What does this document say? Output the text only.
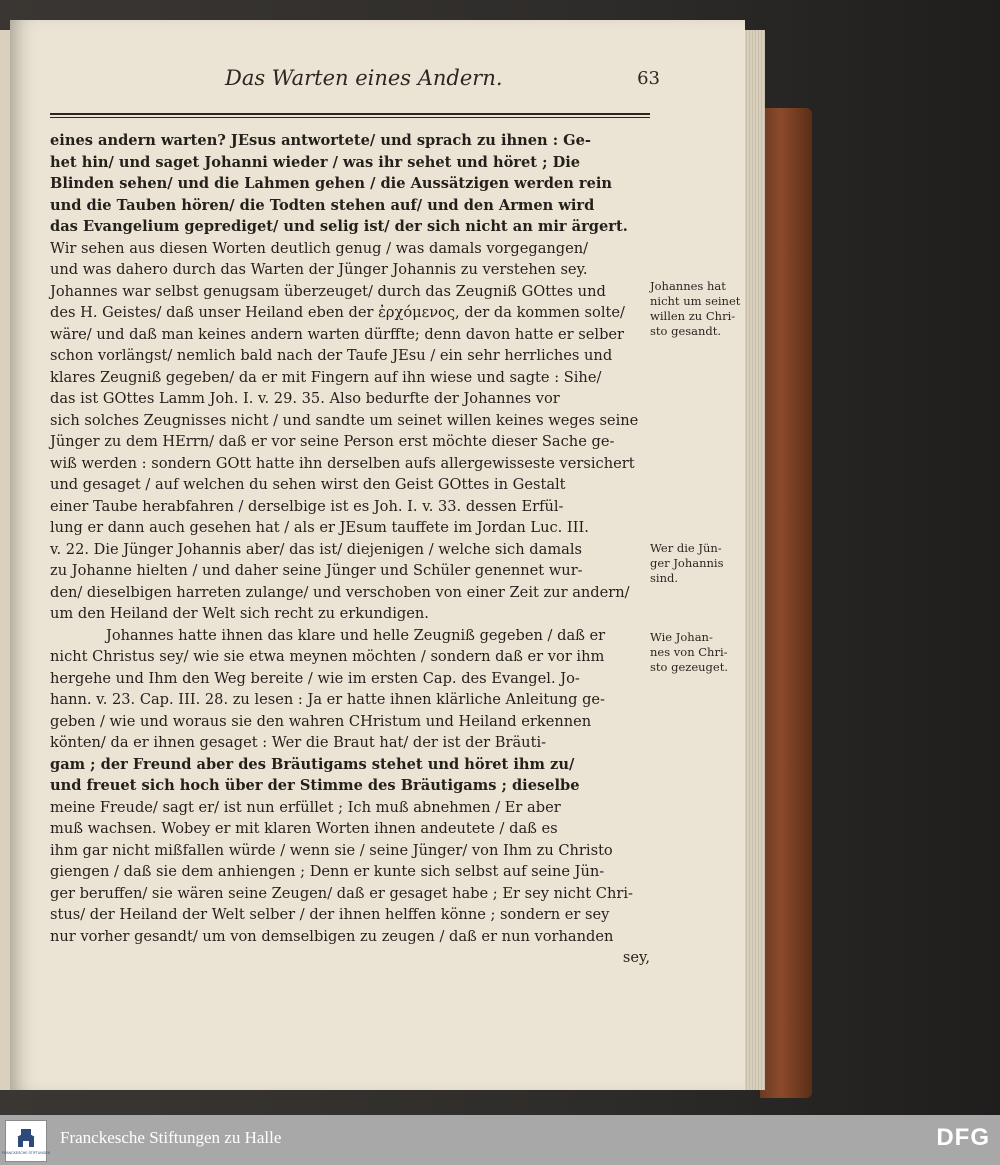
Das Warten eines Andern.	63
eines andern warten? JEsus antwortete/ und sprach zu ihnen : Ge-
het hin/ und saget Johanni wieder / was ihr sehet und höret ; Die
Blinden sehen/ und die Lahmen gehen / die Aussätzigen werden rein
und die Tauben hören/ die Todten stehen auf/ und den Armen wird
das Evangelium geprediget/ und selig ist/ der sich nicht an mir ärgert.
Wir sehen aus diesen Worten deutlich genug / was damals vorgegangen/
und was dahero durch das Warten der Jünger Johannis zu verstehen sey.
Johannes war selbst genugsam überzeuget/ durch das Zeugniß GOttes und
des H. Geistes/ daß unser Heiland eben der ἐρχόμενος, der da kommen solte/
wäre/ und daß man keines andern warten dürffte; denn davon hatte er selber
schon vorlängst/ nemlich bald nach der Taufe JEsu / ein sehr herrliches und
klares Zeugniß gegeben/ da er mit Fingern auf ihn wiese und sagte : Sihe/
das ist GOttes Lamm Joh. I. v. 29. 35. Also bedurfte der Johannes vor
sich solches Zeugnisses nicht / und sandte um seinet willen keines weges seine
Jünger zu dem HErrn/ daß er vor seine Person erst möchte dieser Sache ge-
wiß werden : sondern GOtt hatte ihn derselben aufs allergewisseste versichert
und gesaget / auf welchen du sehen wirst den Geist GOttes in Gestalt
einer Taube herabfahren / derselbige ist es Joh. I. v. 33. dessen Erfül-
lung er dann auch gesehen hat / als er JEsum tauffete im Jordan Luc. III.
v. 22. Die Jünger Johannis aber/ das ist/ diejenigen / welche sich damals
zu Johanne hielten / und daher seine Jünger und Schüler genennet wur-
den/ dieselbigen harreten zulange/ und verschoben von einer Zeit zur andern/
um den Heiland der Welt sich recht zu erkundigen.
Johannes hatte ihnen das klare und helle Zeugniß gegeben / daß er
nicht Christus sey/ wie sie etwa meynen möchten / sondern daß er vor ihm
hergehe und Ihm den Weg bereite / wie im ersten Cap. des Evangel. Jo-
hann. v. 23. Cap. III. 28. zu lesen : Ja er hatte ihnen klärliche Anleitung ge-
geben / wie und woraus sie den wahren CHristum und Heiland erkennen
könten/ da er ihnen gesaget : Wer die Braut hat/ der ist der Bräuti-
gam ; der Freund aber des Bräutigams stehet und höret ihm zu/
und freuet sich hoch über der Stimme des Bräutigams ; dieselbe
meine Freude/ sagt er/ ist nun erfüllet ; Ich muß abnehmen / Er aber
muß wachsen. Wobey er mit klaren Worten ihnen andeutete / daß es
ihm gar nicht mißfallen würde / wenn sie / seine Jünger/ von Ihm zu Christo
giengen / daß sie dem anhiengen ; Denn er kunte sich selbst auf seine Jün-
ger beruffen/ sie wären seine Zeugen/ daß er gesaget habe ; Er sey nicht Chri-
stus/ der Heiland der Welt selber / der ihnen helffen könne ; sondern er sey
nur vorher gesandt/ um von demselbigen zu zeugen / daß er nun vorhanden
sey,
Johannes hat
nicht um seinet
willen zu Chri-
sto gesandt.
Wer die Jün-
ger Johannis
sind.
Wie Johan-
nes von Chri-
sto gezeuget.
FRANCKESCHE STIFTUNGEN
Franckesche Stiftungen zu Halle	DFG
